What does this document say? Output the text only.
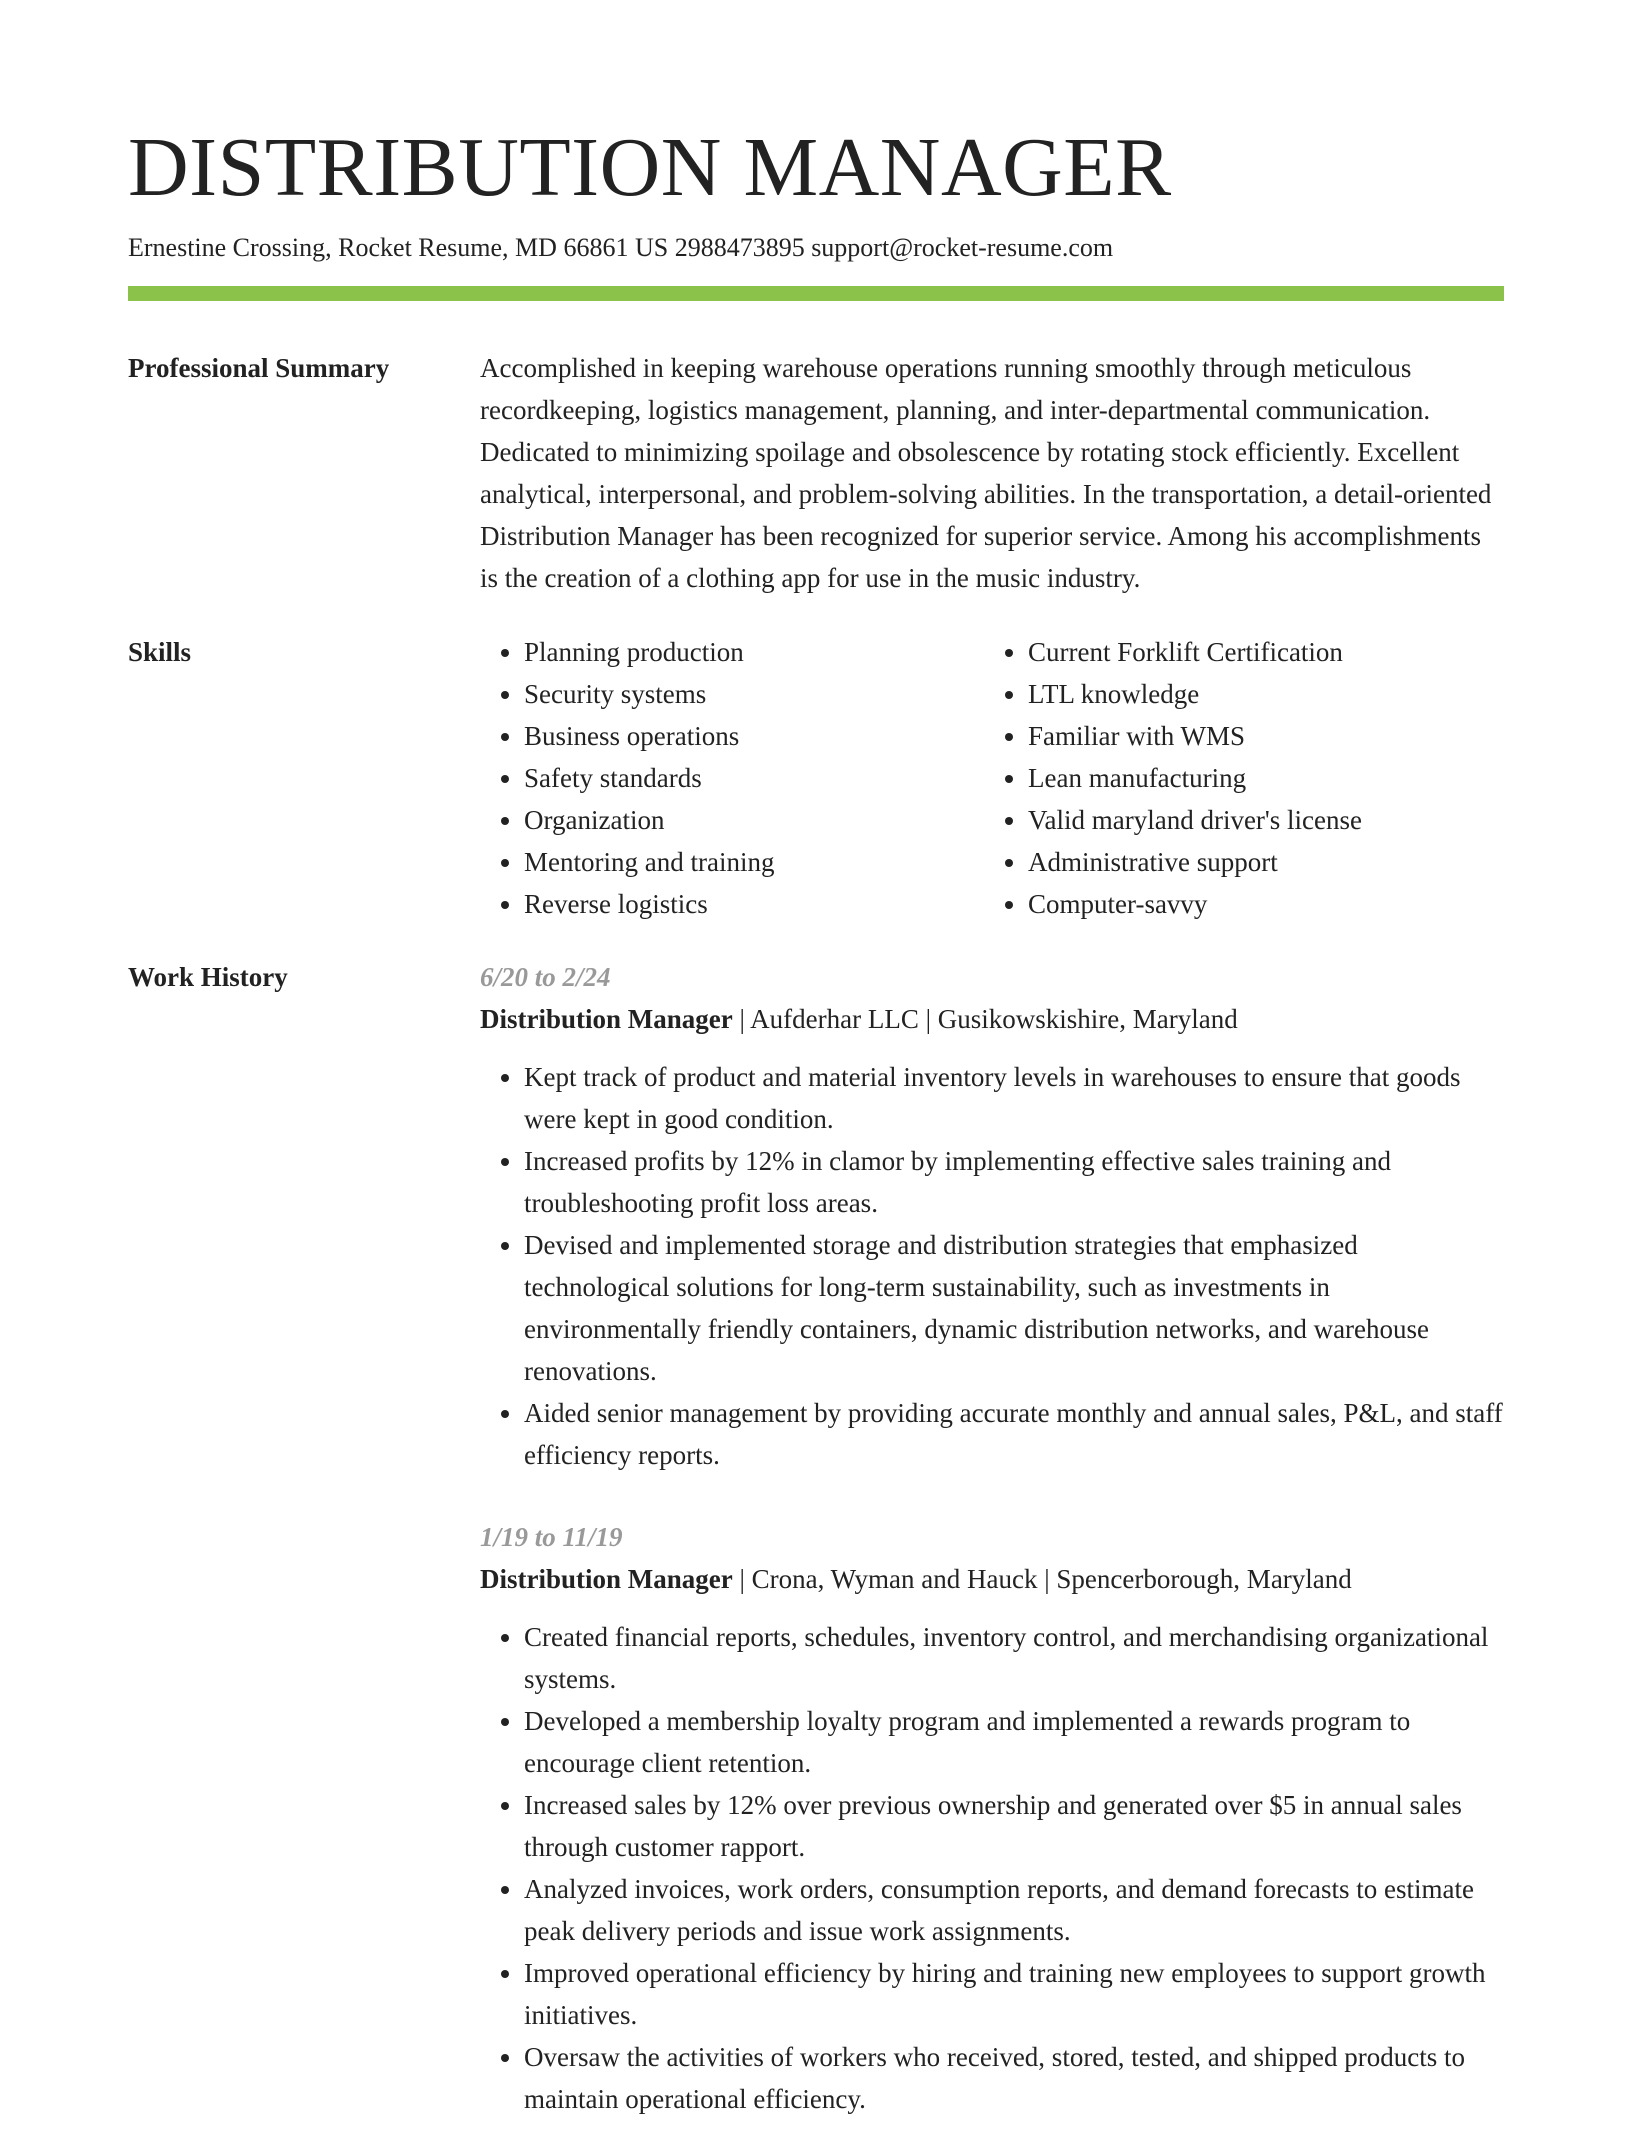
DISTRIBUTION MANAGER
Ernestine Crossing, Rocket Resume, MD 66861 US 2988473895 support@rocket-resume.com
Professional Summary	Accomplished in keeping warehouse operations running smoothly through meticulous recordkeeping, logistics management, planning, and inter-departmental communication. Dedicated to minimizing spoilage and obsolescence by rotating stock efficiently. Excellent analytical, interpersonal, and problem-solving abilities. In the transportation, a detail-oriented Distribution Manager has been recognized for superior service. Among his accomplishments is the creation of a clothing app for use in the music industry.

Skills
•	Planning production
• Security systems
• Business operations
• Safety standards
• Organization
• Mentoring and training
• Reverse logistics
• Current Forklift Certification
• LTL knowledge
• Familiar with WMS
• Lean manufacturing
• Valid maryland driver's license
• Administrative support
• Computer-savvy
Work History	6/20 to 2/24
Distribution Manager | Aufderhar LLC | Gusikowskishire, Maryland
• Kept track of product and material inventory levels in warehouses to ensure that goods were kept in good condition.
• Increased profits by 12% in clamor by implementing effective sales training and troubleshooting profit loss areas.
• Devised and implemented storage and distribution strategies that emphasized technological solutions for long-term sustainability, such as investments in environmentally friendly containers, dynamic distribution networks, and warehouse renovations.
• Aided senior management by providing accurate monthly and annual sales, P&L, and staff efficiency reports.
1/19 to 11/19
Distribution Manager | Crona, Wyman and Hauck | Spencerborough, Maryland
• Created financial reports, schedules, inventory control, and merchandising organizational systems.
• Developed a membership loyalty program and implemented a rewards program to encourage client retention.
• Increased sales by 12% over previous ownership and generated over $5 in annual sales through customer rapport.
• Analyzed invoices, work orders, consumption reports, and demand forecasts to estimate peak delivery periods and issue work assignments.
• Improved operational efficiency by hiring and training new employees to support growth initiatives.
• Oversaw the activities of workers who received, stored, tested, and shipped products to maintain operational efficiency.
